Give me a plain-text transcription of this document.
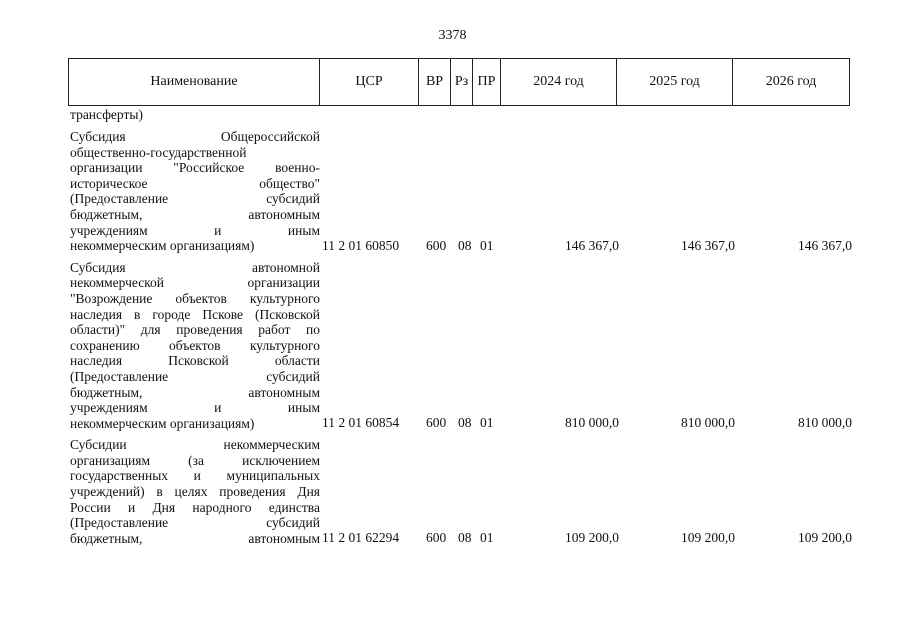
3378
Наименование	ЦСР	ВР Рз ПР	2024 год	2025 год	2026 год
трансферты)
Субсидия Общероссийской
общественно-государственной
организации "Российское военно-
историческое общество"
(Предоставление субсидий
бюджетным, автономным
учреждениям и иным
некоммерческим организациям)	11 2 01 60850 600 08 01	146 367,0	146 367,0	146 367,0
Субсидия автономной
некоммерческой организации
"Возрождение объектов культурного
наследия в городе Пскове (Псковской
области)" для проведения работ по
сохранению объектов культурного
наследия Псковской области
(Предоставление субсидий
бюджетным, автономным
учреждениям и иным
некоммерческим организациям)	11 2 01 60854 600 08 01	810 000,0	810 000,0	810 000,0
Субсидии некоммерческим
организациям (за исключением
государственных и муниципальных
учреждений) в целях проведения Дня
России и Дня народного единства
(Предоставление субсидий
бюджетным, автономным 11 2 01 62294 600 08 01	109 200,0	109 200,0	109 200,0
